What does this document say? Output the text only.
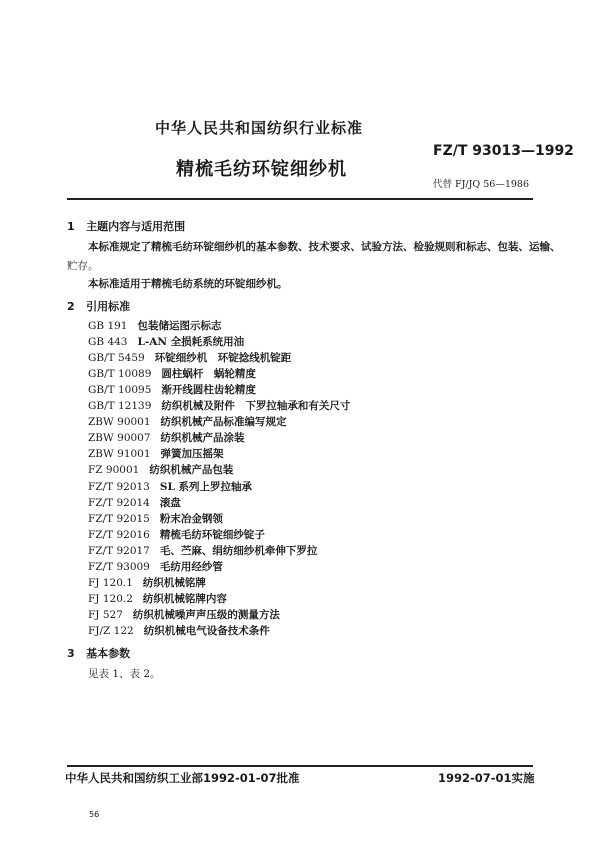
中华人民共和国纺织行业标准
FZ/T 93013—1992
精梳毛纺环锭细纱机
代替 FJ/JQ 56—1986
1 主题内容与适用范围
本标准规定了精梳毛纺环锭细纱机的基本参数、技术要求、试验方法、检验规则和标志、包装、运输、
贮存。
本标准适用于精梳毛纺系统的环锭细纱机。
2 引用标准
GB 191 包装储运图示标志
GB 443 L-AN 全损耗系统用油
GB/T 5459 环锭细纱机　环锭捻线机锭距
GB/T 10089 圆柱蜗杆　蜗轮精度
GB/T 10095 渐开线圆柱齿轮精度
GB/T 12139 纺织机械及附件　下罗拉轴承和有关尺寸
ZBW 90001 纺织机械产品标准编写规定
ZBW 90007 纺织机械产品涂装
ZBW 91001 弹簧加压摇架
FZ 90001 纺织机械产品包装
FZ/T 92013 SL 系列上罗拉轴承
FZ/T 92014 滚盘
FZ/T 92015 粉末冶金钢领
FZ/T 92016 精梳毛纺环锭细纱锭子
FZ/T 92017 毛、苎麻、绢纺细纱机牵伸下罗拉
FZ/T 93009 毛纺用经纱管
FJ 120.1 纺织机械铭牌
FJ 120.2 纺织机械铭牌内容
FJ 527 纺织机械噪声声压级的测量方法
FJ/Z 122 纺织机械电气设备技术条件
3 基本参数
见表 1、表 2。
中华人民共和国纺织工业部1992-01-07批准	1992-07-01实施
56
